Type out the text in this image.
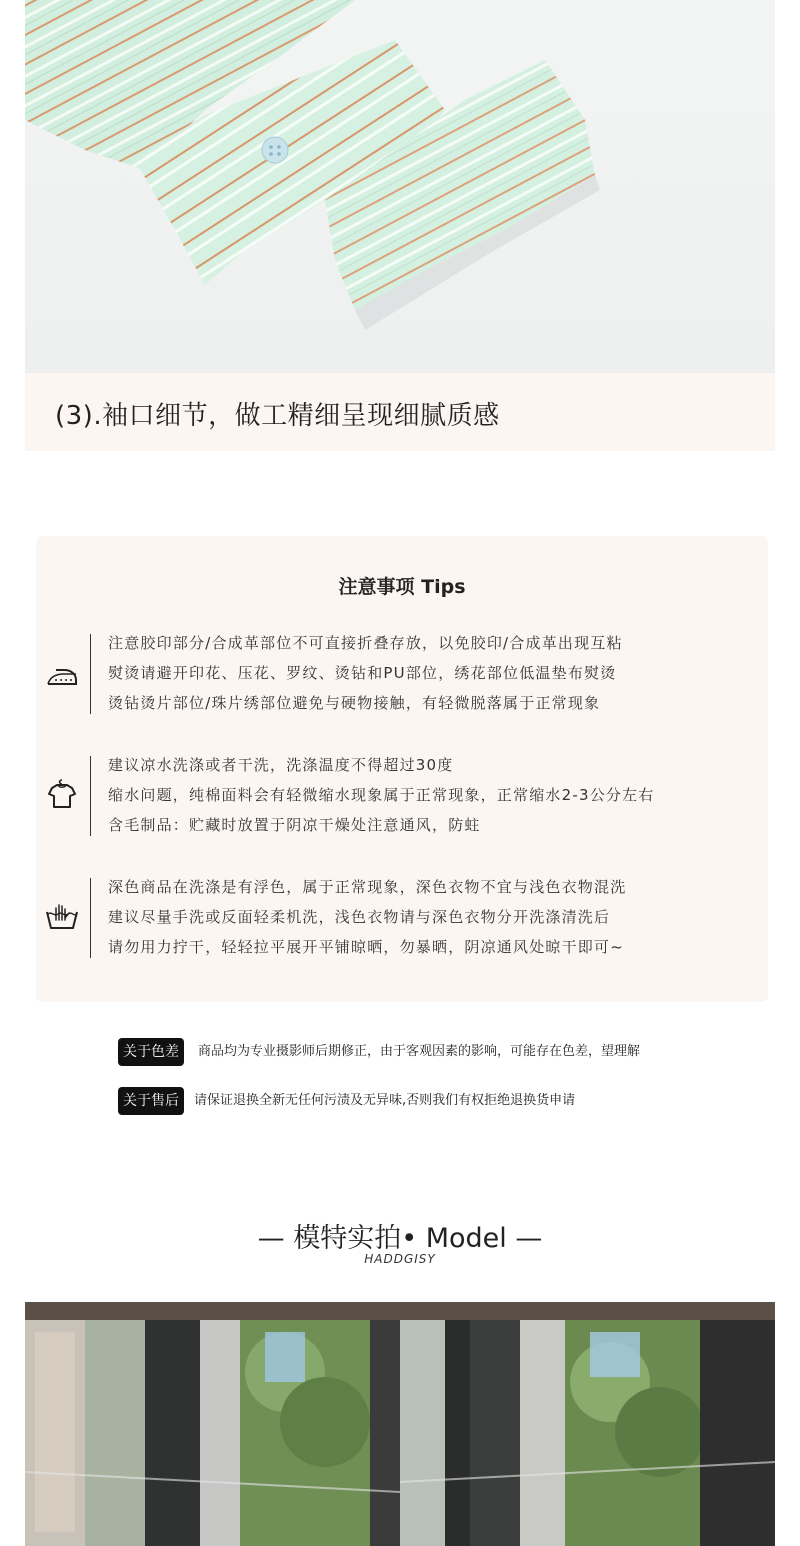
(3).袖口细节，做工精细呈现细腻质感
注意事项 Tips
注意胶印部分/合成革部位不可直接折叠存放，以免胶印/合成革出现互粘
熨烫请避开印花、压花、罗纹、烫钻和PU部位，绣花部位低温垫布熨烫
烫钻烫片部位/珠片绣部位避免与硬物接触，有轻微脱落属于正常现象
建议凉水洗涤或者干洗，洗涤温度不得超过30度
缩水问题，纯棉面料会有轻微缩水现象属于正常现象，正常缩水2-3公分左右
含毛制品：贮藏时放置于阴凉干燥处注意通风，防蛀
深色商品在洗涤是有浮色，属于正常现象，深色衣物不宜与浅色衣物混洗
建议尽量手洗或反面轻柔机洗，浅色衣物请与深色衣物分开洗涤清洗后
请勿用力拧干，轻轻拉平展开平铺晾晒，勿暴晒，阴凉通风处晾干即可~
关于色差	商品均为专业摄影师后期修正，由于客观因素的影响，可能存在色差，望理解
关于售后	请保证退换全新无任何污渍及无异味,否则我们有权拒绝退换货申请
— 模特实拍• Model —
HADDGISY
